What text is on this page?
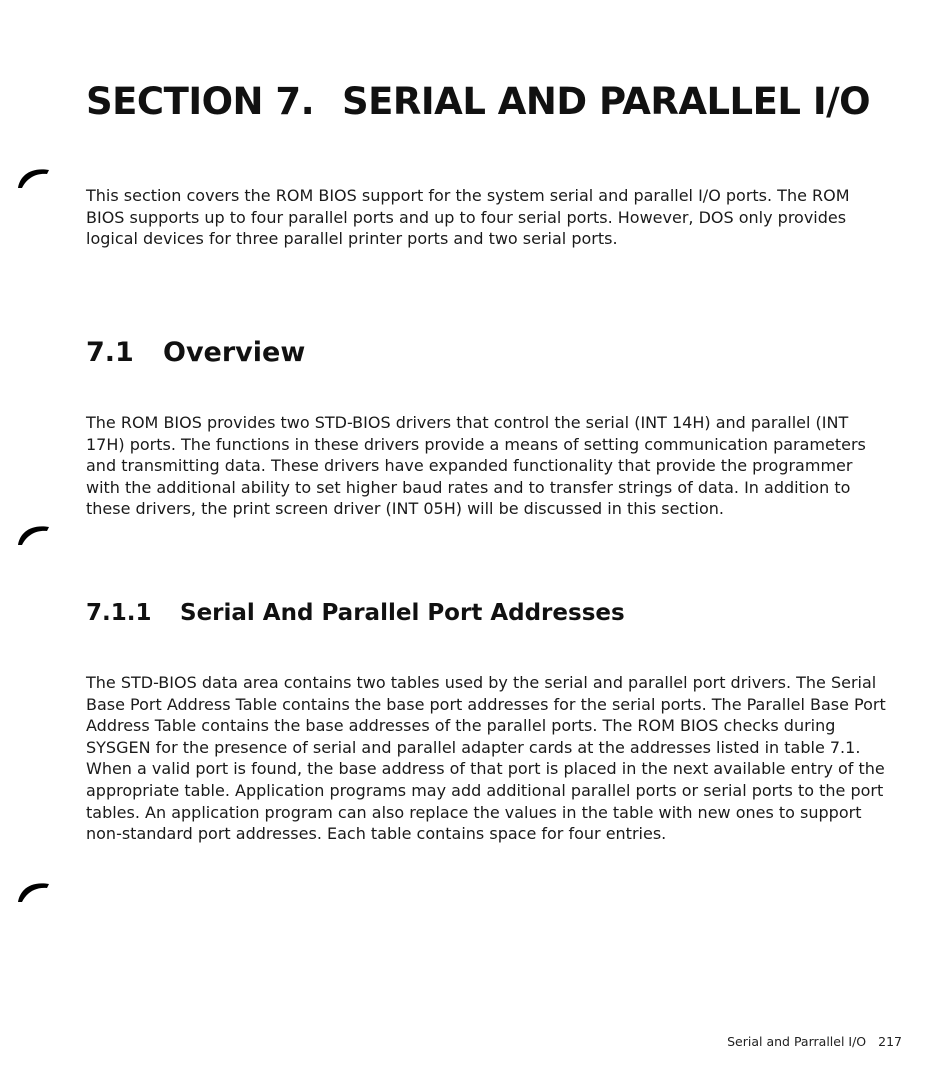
SECTION 7. SERIAL AND PARALLEL I/O

This section covers the ROM BIOS support for the system serial and parallel I/O ports. The ROM BIOS supports up to four parallel ports and up to four serial ports. However, DOS only provides logical devices for three parallel printer ports and two serial ports.

7.1 Overview

The ROM BIOS provides two STD-BIOS drivers that control the serial (INT 14H) and parallel (INT 17H) ports. The functions in these drivers provide a means of setting communication parameters and transmitting data. These drivers have expanded functionality that provide the programmer with the additional ability to set higher baud rates and to transfer strings of data. In addition to these drivers, the print screen driver (INT 05H) will be discussed in this section.

7.1.1 Serial And Parallel Port Addresses

The STD-BIOS data area contains two tables used by the serial and parallel port drivers. The Serial Base Port Address Table contains the base port addresses for the serial ports. The Parallel Base Port Address Table contains the base addresses of the parallel ports. The ROM BIOS checks during SYSGEN for the presence of serial and parallel adapter cards at the addresses listed in table 7.1. When a valid port is found, the base address of that port is placed in the next available entry of the appropriate table. Application programs may add additional parallel ports or serial ports to the port tables. An application program can also replace the values in the table with new ones to support non-standard port addresses. Each table contains space for four entries.

Serial and Parrallel I/O 217
